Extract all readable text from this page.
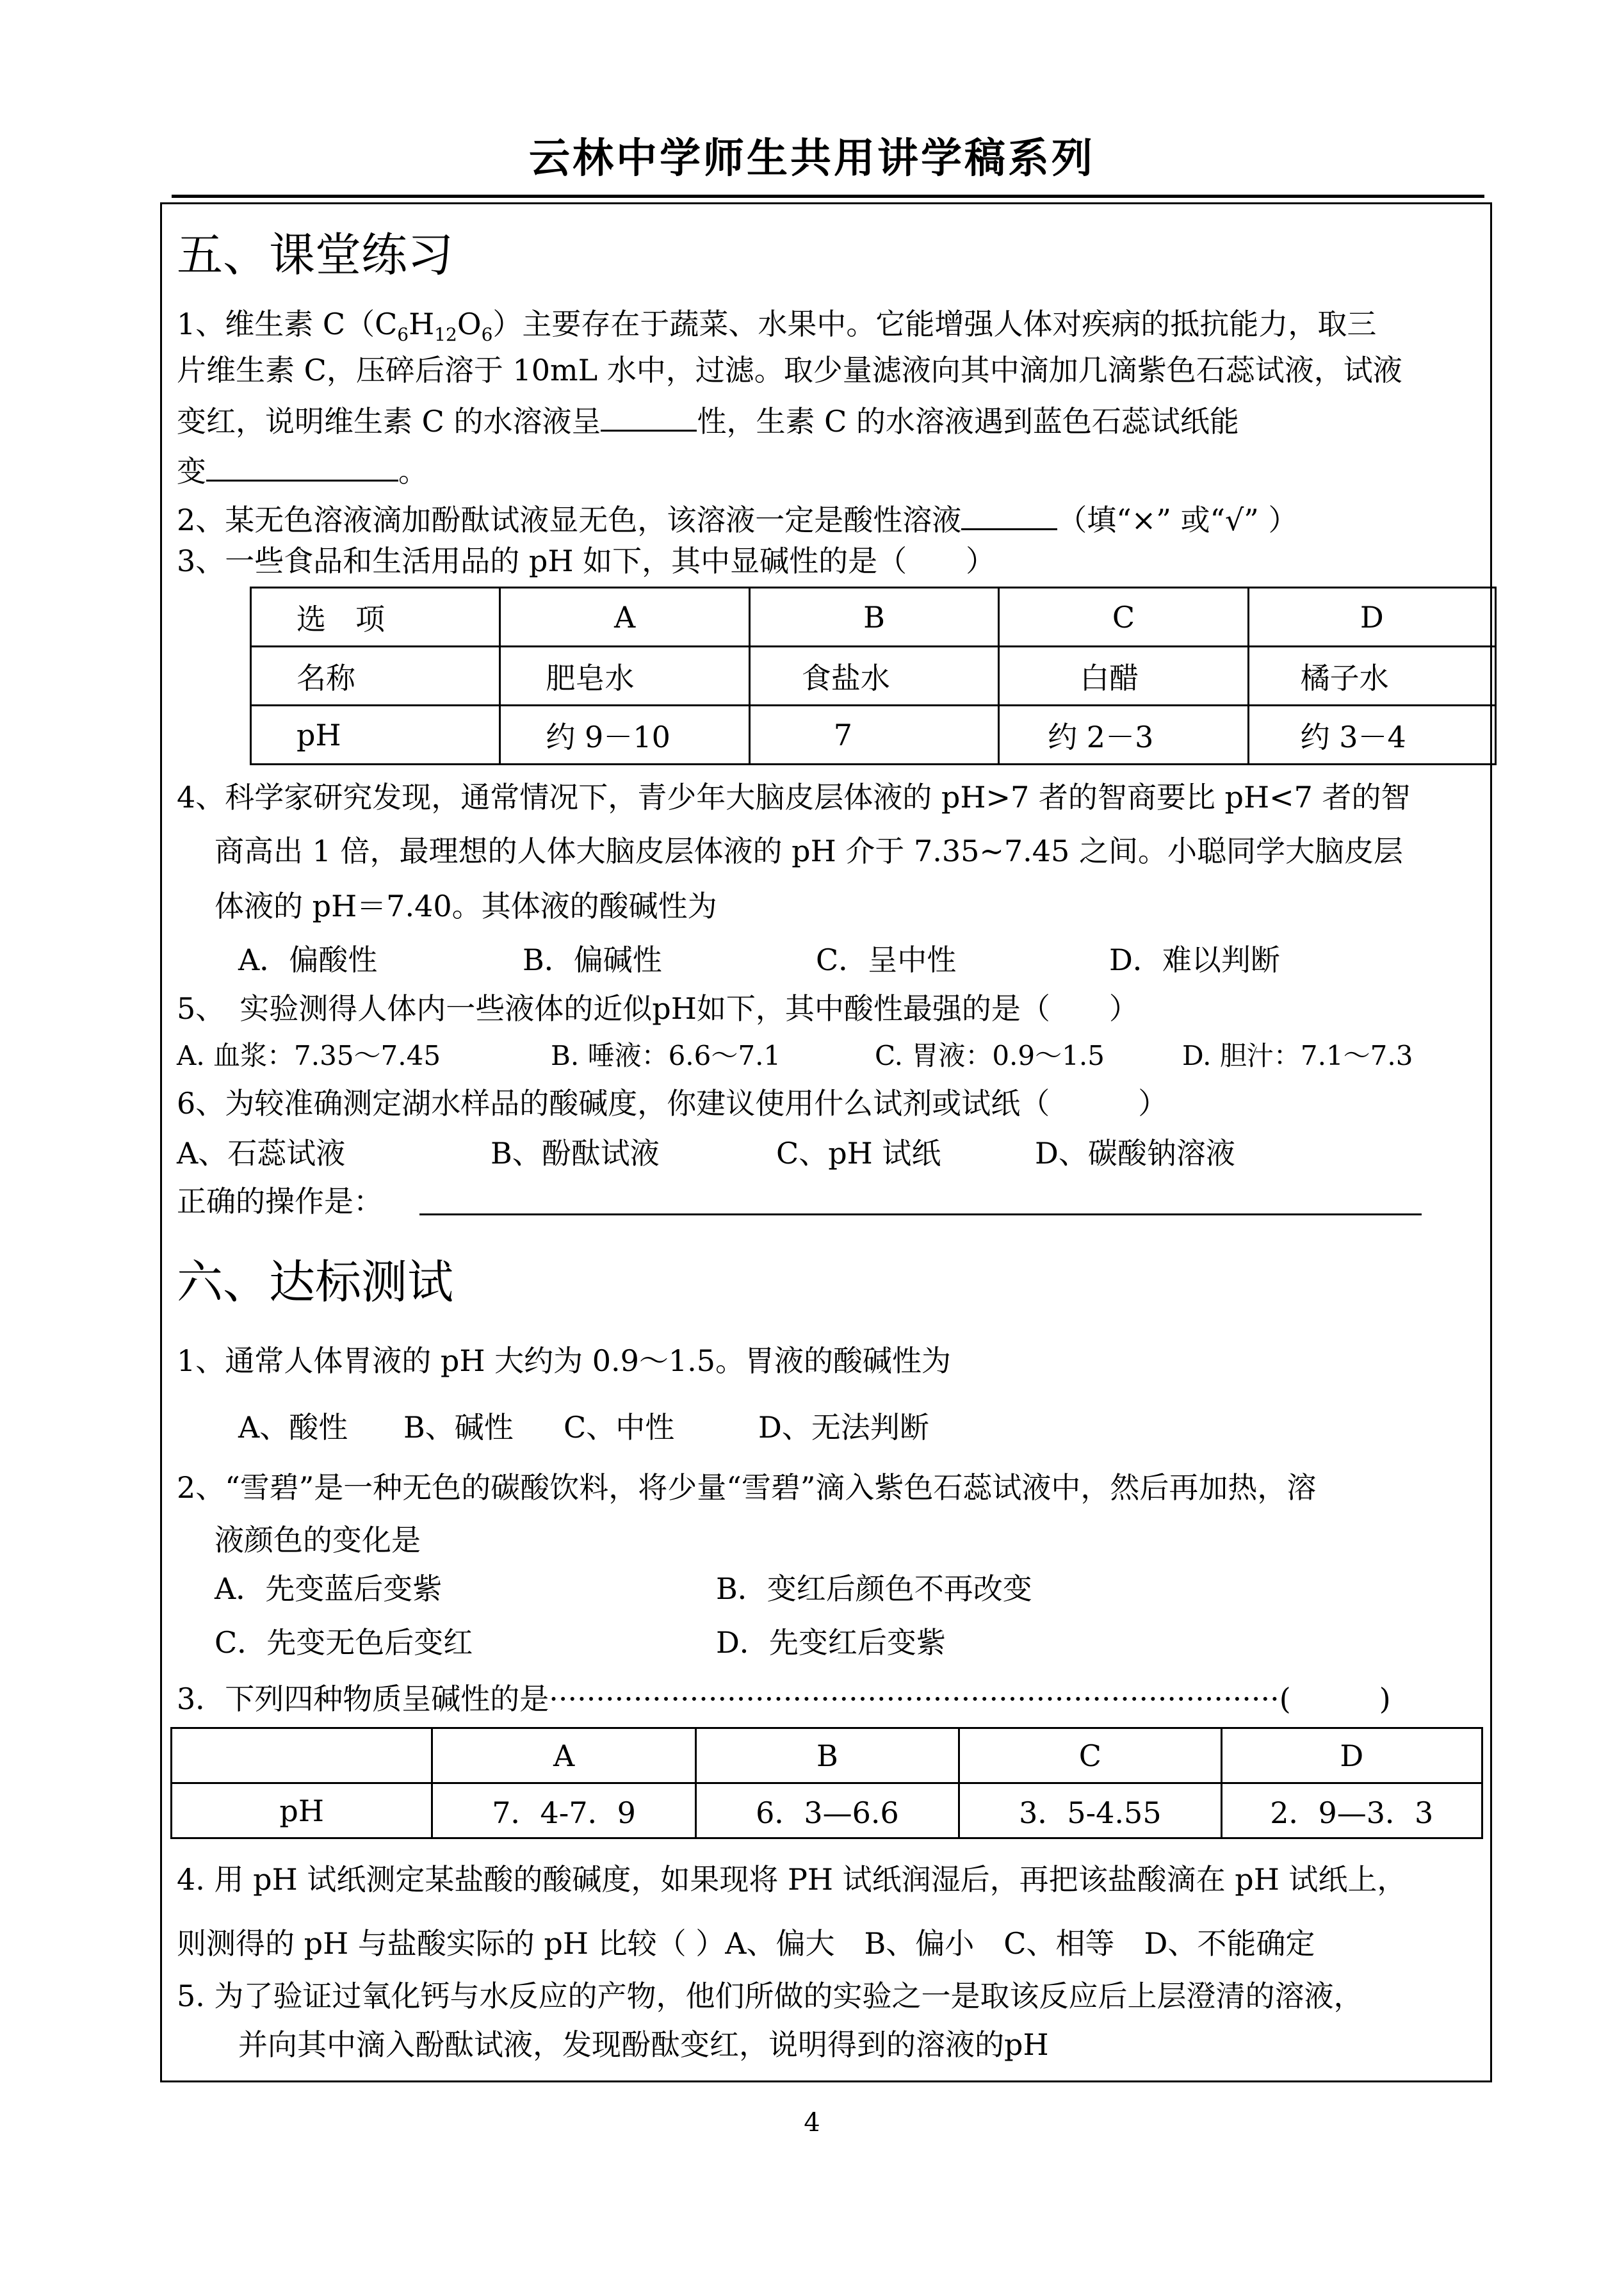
云林中学师生共用讲学稿系列
五、课堂练习
1、维生素 $C(C_6H_{12}O_6)$主要存在于蔬菜、水果中。它能增强人体对疾病的抵抗能力，取三
片维生素 C，压碎后溶于 10mL 水中，过滤。取少量滤液向其中滴加几滴紫色石蕊试液，试液
变红，说明维生素 C 的水溶液呈	性，生素 C 的水溶液遇到蓝色石蕊试纸能
变	。
2、某无色溶液滴加酚酞试液显无色，该溶液一定是酸性溶液	（填“×” 或“√” ）
3、一些食品和生活用品的 pH 如下，其中显碱性的是（　　）
选　项	A	B	C	D
名称	肥皂水	食盐水	白醋	橘子水
pH	约 9－10	7	约 2－3	约 3－4
4、科学家研究发现，通常情况下，青少年大脑皮层体液的 pH>7 者的智商要比 pH<7 者的智
商高出 1 倍，最理想的人体大脑皮层体液的 pH 介于 7.35~7.45 之间。小聪同学大脑皮层
体液的 pH＝7.40。其体液的酸碱性为
A．偏酸性	B．偏碱性	C．呈中性	D．难以判断
5、　实验测得人体内一些液体的近似pH如下，其中酸性最强的是（　　）
A. 血浆：7.35～7.45	B. 唾液：6.6～7.1	C. 胃液：0.9～1.5	D. 胆汁：7.1～7.3
6、为较准确测定湖水样品的酸碱度，你建议使用什么试剂或试纸（　　　）
A、石蕊试液	B、酚酞试液	C、pH 试纸	D、碳酸钠溶液
正确的操作是：
六、达标测试
1、通常人体胃液的 pH 大约为 0.9～1.5。胃液的酸碱性为
A、酸性 B、碱性 C、中性	D、无法判断
2、“雪碧”是一种无色的碳酸饮料，将少量“雪碧”滴入紫色石蕊试液中，然后再加热，溶
液颜色的变化是
A．先变蓝后变紫	B．变红后颜色不再改变
C．先变无色后变红	D．先变红后变紫
3．下列四种物质呈碱性的是··············································································(　　　)
	A	B	C	D
pH	7．4-7．9	6．3—6.6	3．5-4.55	2．9—3．3
4. 用 pH 试纸测定某盐酸的酸碱度，如果现将 PH 试纸润湿后，再把该盐酸滴在 pH 试纸上，
则测得的 pH 与盐酸实际的 pH 比较（ ）A、偏大　B、偏小　C、相等　D、不能确定
5. 为了验证过氧化钙与水反应的产物，他们所做的实验之一是取该反应后上层澄清的溶液，
并向其中滴入酚酞试液，发现酚酞变红，说明得到的溶液的pH
4
